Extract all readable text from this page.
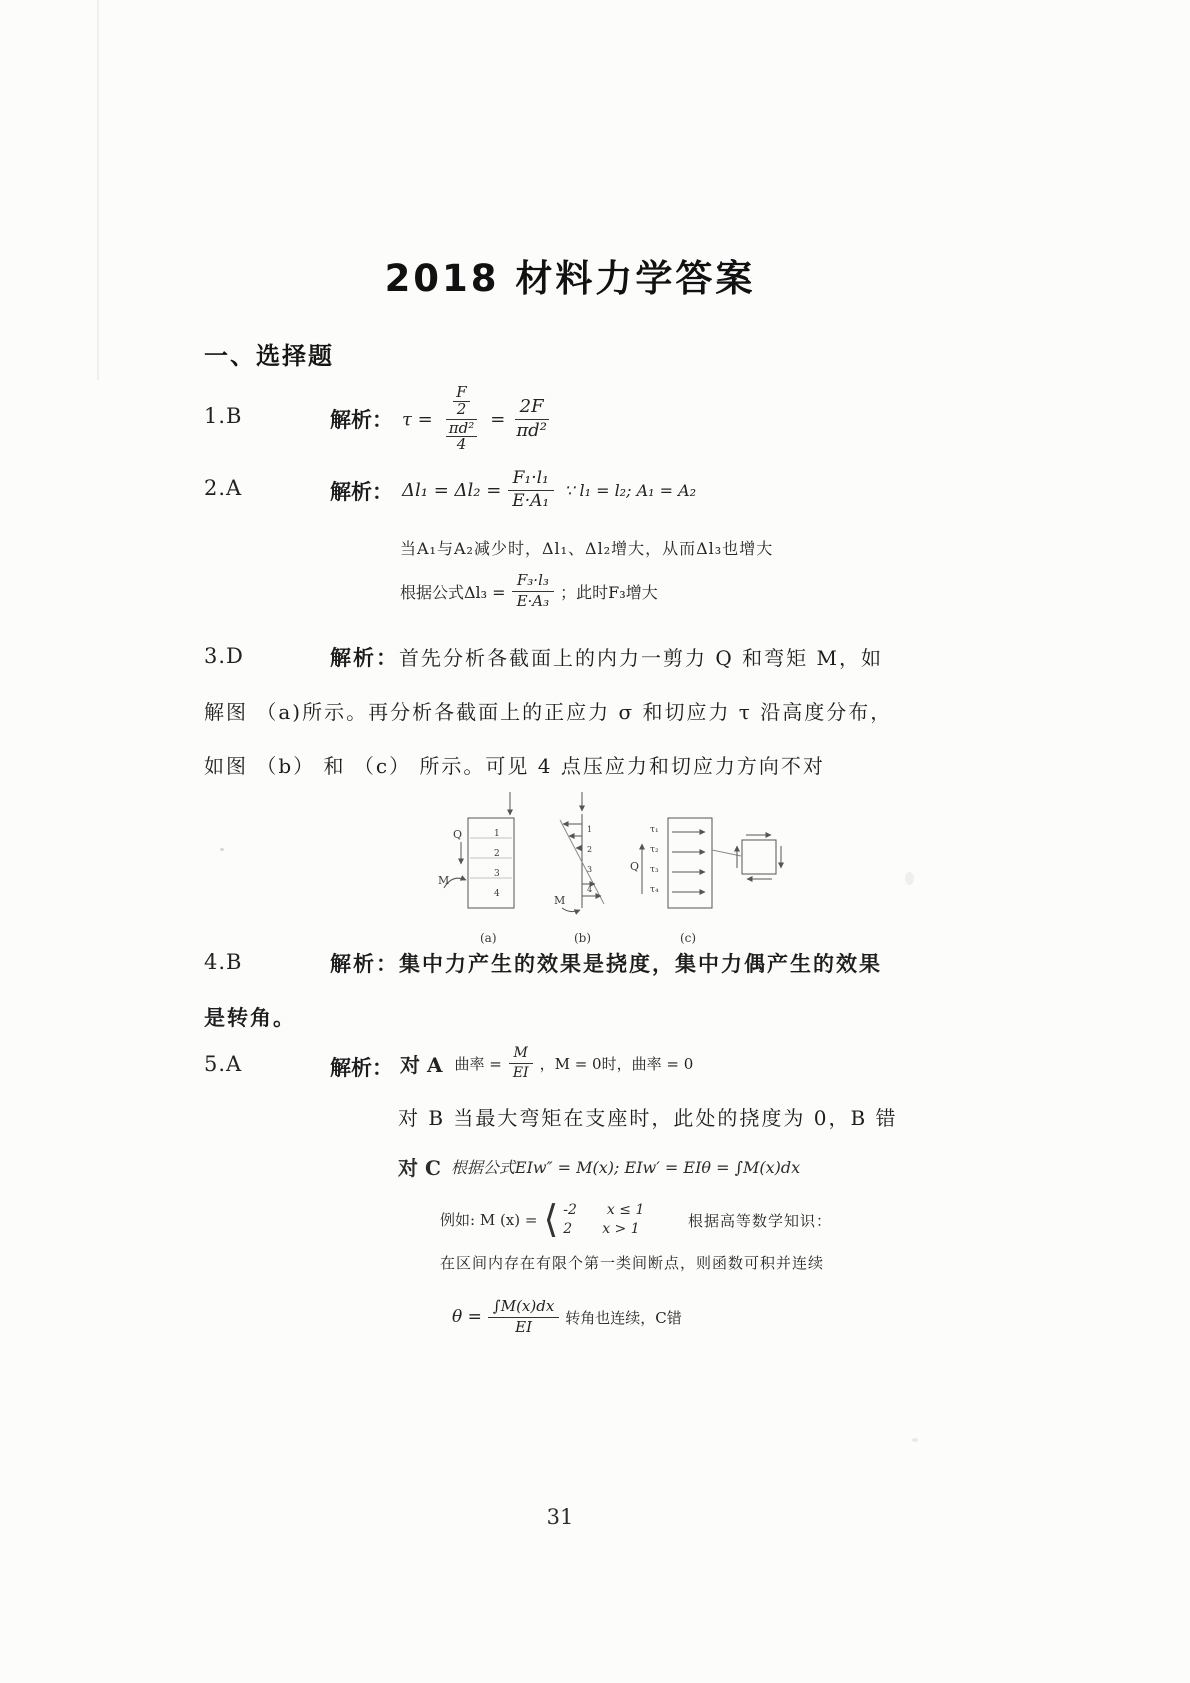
2018 材料力学答案
一、选择题
1.B	解析： $\tau = \frac{\frac{F}{2}}{\frac{\text{πd²}}{4}} = \frac{2F}{\text{πd²}}$
2.A	解析： $\Delta l_1 = \Delta l_2 = \frac{\text{F₁·l₁}}{\text{E·A₁}}$ ∵ l₁ = l₂; A₁ = A₂
当A₁与A₂减少时，Δl₁、Δl₂增大，从而Δl₃也增大
根据公式$\Delta l_3 = \frac{\text{F₃·l₃}}{\text{E·A₃}}$ ；此时F₃增大
3.D	解析：首先分析各截面上的内力一剪力 Q 和弯矩 M，如
解图 （a)所示。再分析各截面上的正应力 σ 和切应力 τ 沿高度分布，
如图 （b） 和 （c） 所示。可见 4 点压应力和切应力方向不对
Q
M
1
2
3
4	M
1
2
3
4
Q
τ₁
τ₂
τ₃
τ₄
(a)	(b)	(c)
4.B	解析：集中力产生的效果是挠度，集中力偶产生的效果
是转角。
5.A	解析： 对 A 曲率 = $\frac{M}{EI}$ ，M = 0时，曲率 = 0
对 B 当最大弯矩在支座时，此处的挠度为 0，B 错
对 C 根据公式EIw″ = M(x); EIw′ = EIθ = ∫M(x)dx
例如: M (x) = ⟨ -2 x ≤ 1
2 x > 1	根据高等数学知识：
在区间内存在有限个第一类间断点，则函数可积并连续
$\theta = \frac{\int M(x)dx}{EI}$ 转角也连续，C错
31
